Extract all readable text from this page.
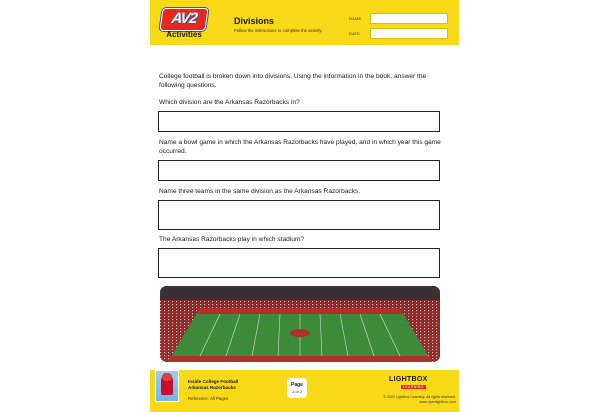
AV2
Activities
Divisions
Follow the instructions to complete the activity.
NAME
DATE
College football is broken down into divisions. Using the information in the book, answer the following questions.
Which division are the Arkansas Razorbacks in?
Name a bowl game in which the Arkansas Razorbacks have played, and in which year this game occurred.
Name three teams in the same division as the Arkansas Razorbacks.
The Arkansas Razorbacks play in which stadium?
Inside College Football
Arkansas Razorbacks
Reference: All Pages
Page
1 of 2
LIGHTBOX
LEARNING
© 2022 Lightbox Learning. All rights reserved.
www.openlightbox.com
